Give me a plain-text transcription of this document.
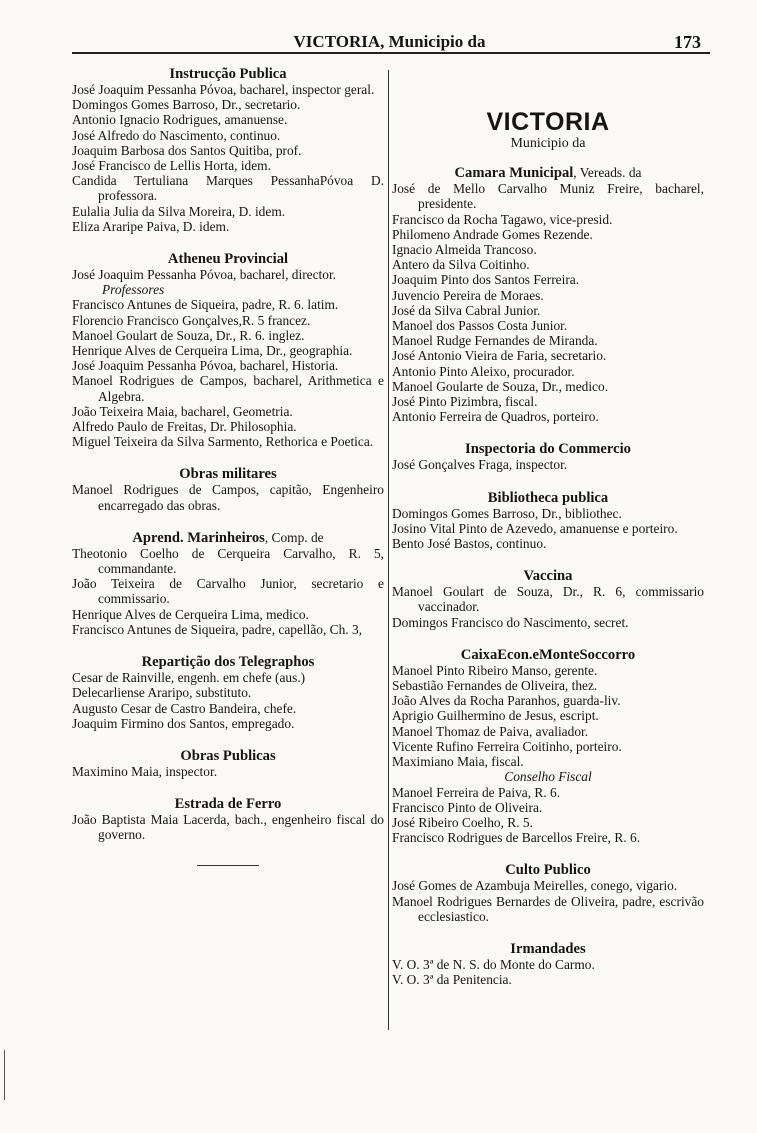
VICTORIA, Municipio da	173
Instrucção Publica
José Joaquim Pessanha Póvoa, bacharel, inspector geral.
Domingos Gomes Barroso, Dr., secretario.
Antonio Ignacio Rodrigues, amanuense.
José Alfredo do Nascimento, continuo.
Joaquim Barbosa dos Santos Quitiba, prof.
José Francisco de Lellis Horta, idem.
Candida Tertuliana Marques PessanhaPóvoa D. professora.
Eulalia Julia da Silva Moreira, D. idem.
Eliza Araripe Paiva, D. idem.
Atheneu Provincial
José Joaquim Pessanha Póvoa, bacharel, director.
Professores
Francisco Antunes de Siqueira, padre, R. 6. latim.
Florencio Francisco Gonçalves,R. 5 francez.
Manoel Goulart de Souza, Dr., R. 6. inglez.
Henrique Alves de Cerqueira Lima, Dr., geographia.
José Joaquim Pessanha Póvoa, bacharel, Historia.
Manoel Rodrigues de Campos, bacharel, Arithmetica e Algebra.
João Teixeira Maia, bacharel, Geometria.
Alfredo Paulo de Freitas, Dr. Philosophia.
Miguel Teixeira da Silva Sarmento, Rethorica e Poetica.
Obras militares
Manoel Rodrigues de Campos, capitão, Engenheiro encarregado das obras.
Aprend. Marinheiros, Comp. de
Theotonio Coelho de Cerqueira Carvalho, R. 5, commandante.
João Teixeira de Carvalho Junior, secretario e commissario.
Henrique Alves de Cerqueira Lima, medico.
Francisco Antunes de Siqueira, padre, capellão, Ch. 3,
Repartição dos Telegraphos
Cesar de Rainville, engenh. em chefe (aus.)
Delecarliense Araripo, substituto.
Augusto Cesar de Castro Bandeira, chefe.
Joaquim Firmino dos Santos, empregado.
Obras Publicas
Maximino Maia, inspector.
Estrada de Ferro
João Baptista Maia Lacerda, bach., engenheiro fiscal do governo.
VICTORIA
Municipio da
Camara Municipal, Vereads. da
José de Mello Carvalho Muniz Freire, bacharel, presidente.
Francisco da Rocha Tagawo, vice-presid.
Philomeno Andrade Gomes Rezende.
Ignacio Almeida Trancoso.
Antero da Silva Coitinho.
Joaquim Pinto dos Santos Ferreira.
Juvencio Pereira de Moraes.
José da Silva Cabral Junior.
Manoel dos Passos Costa Junior.
Manoel Rudge Fernandes de Miranda.
José Antonio Vieira de Faria, secretario.
Antonio Pinto Aleixo, procurador.
Manoel Goularte de Souza, Dr., medico.
José Pinto Pizimbra, fiscal.
Antonio Ferreira de Quadros, porteiro.
Inspectoria do Commercio
José Gonçalves Fraga, inspector.
Bibliotheca publica
Domingos Gomes Barroso, Dr., bibliothec.
Josino Vital Pinto de Azevedo, amanuense e porteiro.
Bento José Bastos, continuo.
Vaccina
Manoel Goulart de Souza, Dr., R. 6, commissario vaccinador.
Domingos Francisco do Nascimento, secret.
CaixaEcon.eMonteSoccorro
Manoel Pinto Ribeiro Manso, gerente.
Sebastião Fernandes de Oliveira, thez.
João Alves da Rocha Paranhos, guarda-liv.
Aprigio Guilhermino de Jesus, escript.
Manoel Thomaz de Paiva, avaliador.
Vicente Rufino Ferreira Coitinho, porteiro.
Maximiano Maia, fiscal.
Conselho Fiscal
Manoel Ferreira de Paiva, R. 6.
Francisco Pinto de Oliveira.
José Ribeiro Coelho, R. 5.
Francisco Rodrigues de Barcellos Freire, R. 6.
Culto Publico
José Gomes de Azambuja Meirelles, conego, vigario.
Manoel Rodrigues Bernardes de Oliveira, padre, escrivão ecclesiastico.
Irmandades
V. O. 3ª de N. S. do Monte do Carmo.
V. O. 3ª da Penitencia.
